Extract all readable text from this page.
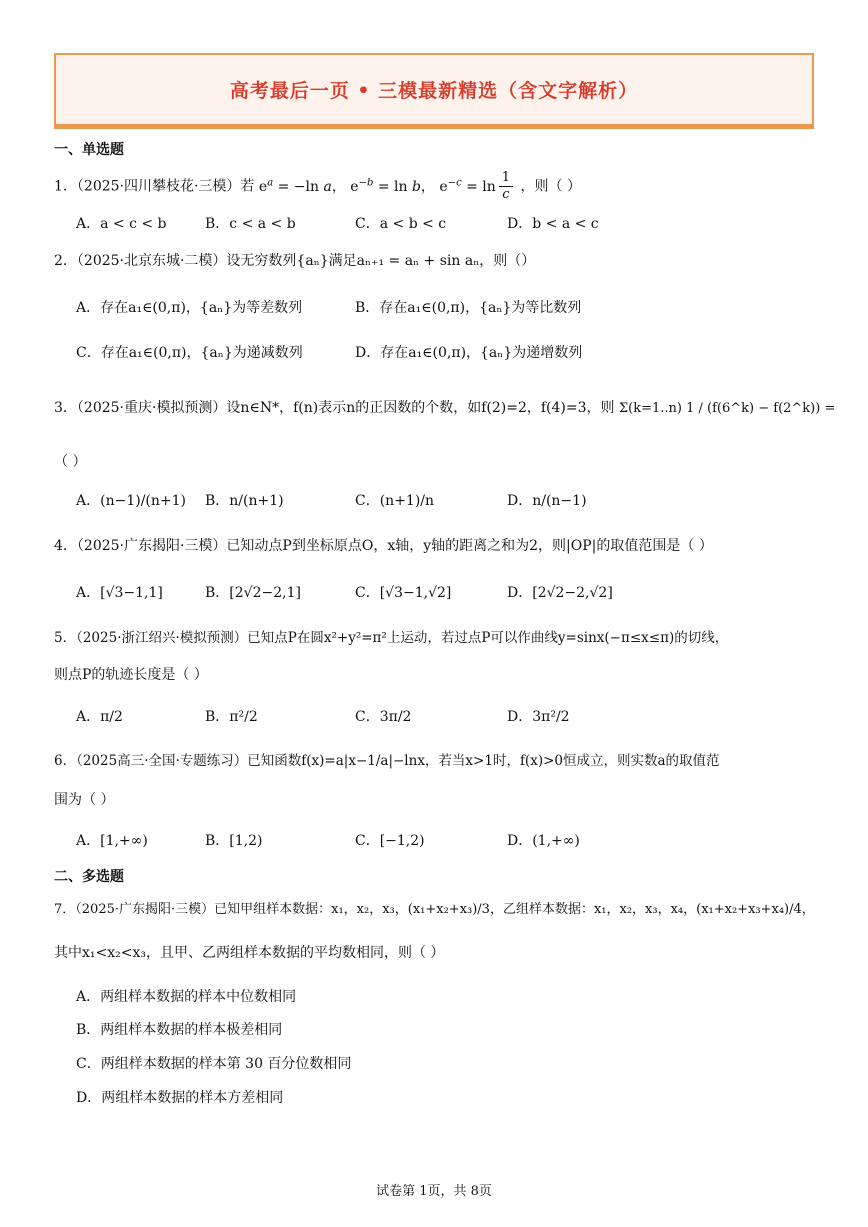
高考最后一页 • 三模最新精选（含文字解析）
一、单选题
1．（2025·四川攀枝花·三模）若 $e^a = -\ln$ a， $e^{-b} = \ln b$， $e^{-c} = \ln \frac{1}{c}$ ，则（ ）
A．a < c < b	B．c < a < b	C．a < b < c	D．b < a < c
2．（2025·北京东城·二模）设无穷数列{aₙ}满足aₙ₊₁ = aₙ + sin aₙ，则（）
A．存在a₁∈(0,π)，{aₙ}为等差数列	B．存在a₁∈(0,π)，{aₙ}为等比数列
C．存在a₁∈(0,π)，{aₙ}为递减数列	D．存在a₁∈(0,π)，{aₙ}为递增数列
3．（2025·重庆·模拟预测）设n∈N*，f(n)表示n的正因数的个数，如f(2)=2，f(4)=3，则 Σ(k=1..n) 1 / (f(6^k) − f(2^k)) =
（ ）
A．(n−1)/(n+1) B．n/(n+1)	C．(n+1)/n	D．n/(n−1)
4．（2025·广东揭阳·三模）已知动点P到坐标原点O，x轴，y轴的距离之和为2，则|OP|的取值范围是（ ）
A．[√3−1,1]	B．[2√2−2,1]	C．[√3−1,√2]	D．[2√2−2,√2]
5．（2025·浙江绍兴·模拟预测）已知点P在圆x²+y²=π²上运动，若过点P可以作曲线y=sinx(−π≤x≤π)的切线，
则点P的轨迹长度是（ ）
A．π/2	B．π²/2	C．3π/2	D．3π²/2
6．（2025高三·全国·专题练习）已知函数f(x)=a|x−1/a|−lnx，若当x>1时，f(x)>0恒成立，则实数a的取值范
围为（ ）
A．[1,+∞)	B．[1,2)	C．[−1,2)	D．(1,+∞)
二、多选题
7．（2025·广东揭阳·三模）已知甲组样本数据：x₁，x₂，x₃，(x₁+x₂+x₃)/3，乙组样本数据：x₁，x₂，x₃，x₄，(x₁+x₂+x₃+x₄)/4，
其中x₁<x₂<x₃，且甲、乙两组样本数据的平均数相同，则（ ）
A．两组样本数据的样本中位数相同
B．两组样本数据的样本极差相同
C．两组样本数据的样本第 30 百分位数相同
D．两组样本数据的样本方差相同
试卷第 1页，共 8页
